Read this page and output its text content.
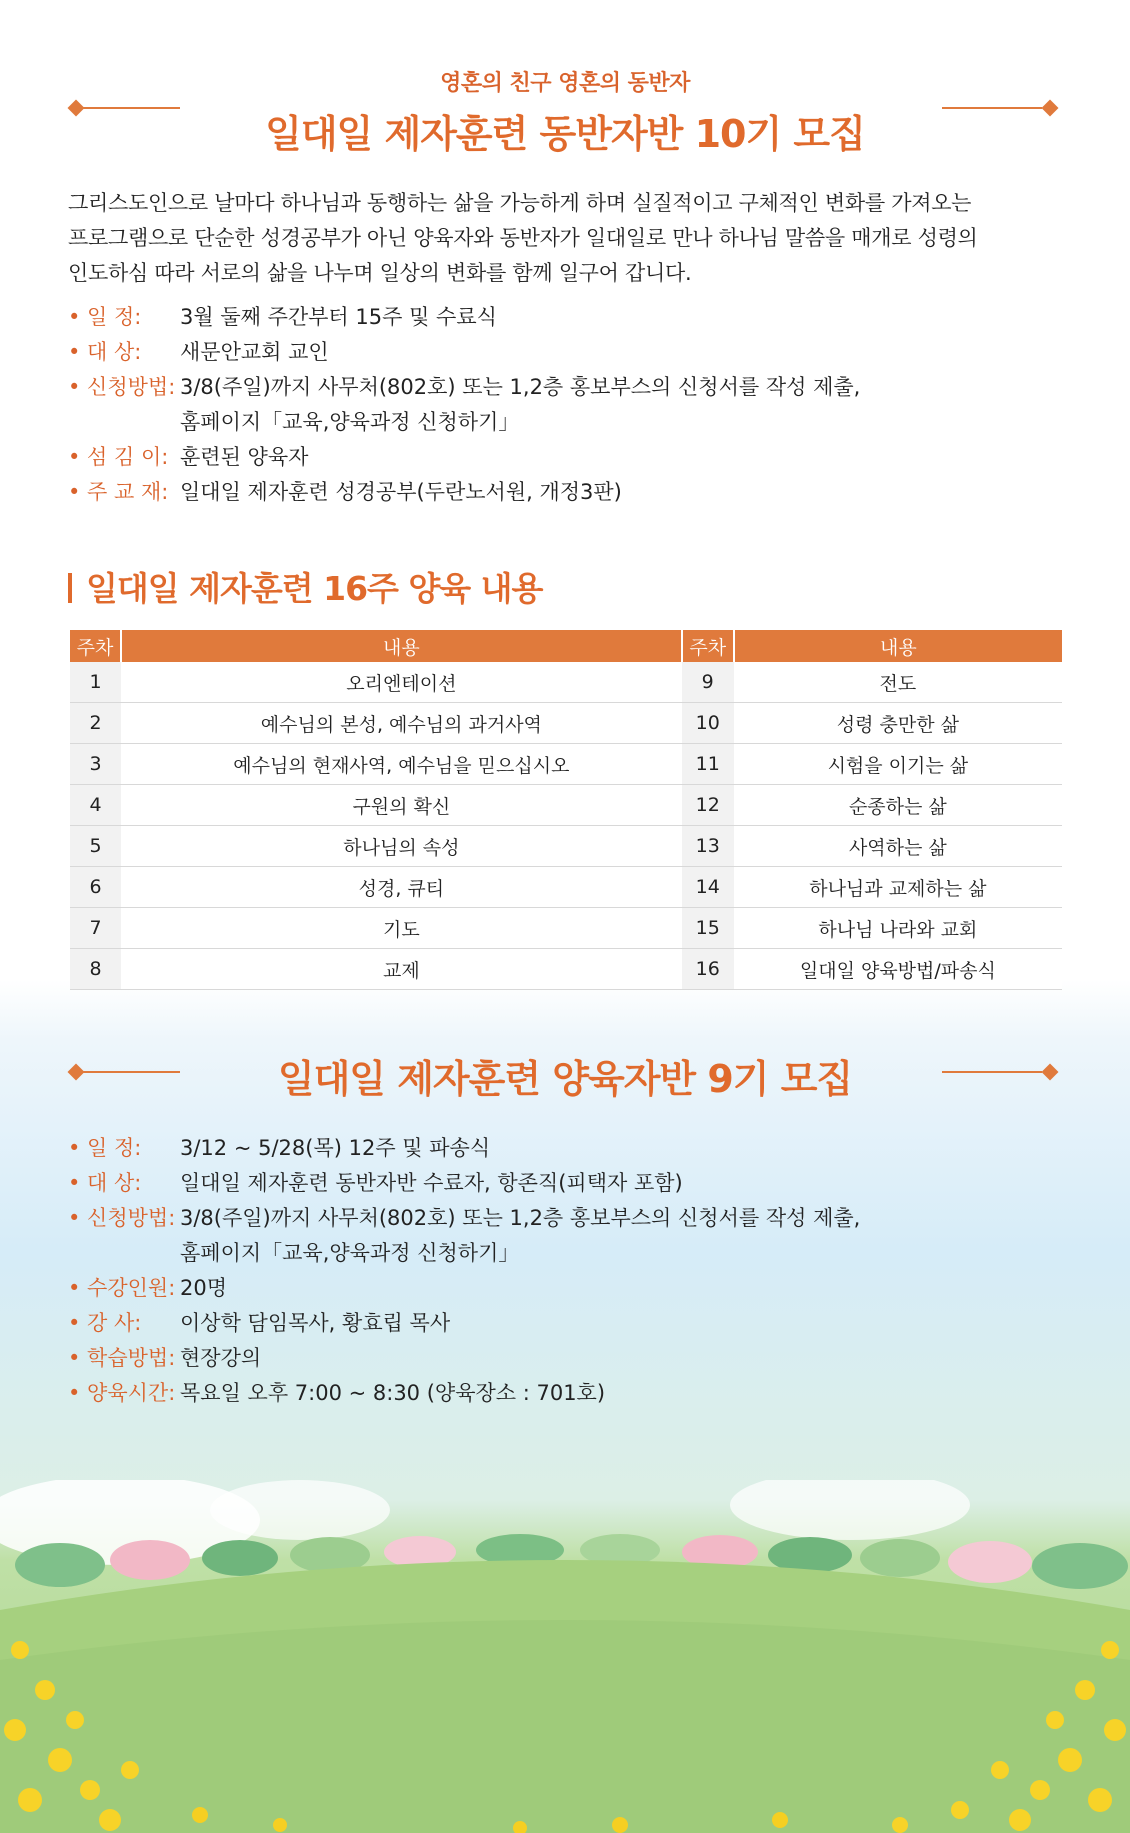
영혼의 친구 영혼의 동반자
일대일 제자훈련 동반자반 10기 모집
그리스도인으로 날마다 하나님과 동행하는 삶을 가능하게 하며 실질적이고 구체적인 변화를 가져오는 프로그램으로 단순한 성경공부가 아닌 양육자와 동반자가 일대일로 만나 하나님 말씀을 매개로 성령의 인도하심 따라 서로의 삶을 나누며 일상의 변화를 함께 일구어 갑니다.
• 일 정:	3월 둘째 주간부터 15주 및 수료식
• 대 상:	새문안교회 교인
• 신청방법: 3/8(주일)까지 사무처(802호) 또는 1,2층 홍보부스의 신청서를 작성 제출,
홈페이지「교육,양육과정 신청하기」
• 섬 김 이: 훈련된 양육자
• 주 교 재: 일대일 제자훈련 성경공부(두란노서원, 개정3판)
일대일 제자훈련 16주 양육 내용
주차	내용	주차	내용
1	오리엔테이션	9	전도
2	예수님의 본성, 예수님의 과거사역	10	성령 충만한 삶
3	예수님의 현재사역, 예수님을 믿으십시오	11	시험을 이기는 삶
4	구원의 확신	12	순종하는 삶
5	하나님의 속성	13	사역하는 삶
6	성경, 큐티	14	하나님과 교제하는 삶
7	기도	15	하나님 나라와 교회
8	교제	16	일대일 양육방법/파송식
일대일 제자훈련 양육자반 9기 모집
• 일 정:	3/12 ~ 5/28(목) 12주 및 파송식
• 대 상:	일대일 제자훈련 동반자반 수료자, 항존직(피택자 포함)
• 신청방법: 3/8(주일)까지 사무처(802호) 또는 1,2층 홍보부스의 신청서를 작성 제출,
홈페이지「교육,양육과정 신청하기」
• 수강인원: 20명
• 강 사:	이상학 담임목사, 황효립 목사
• 학습방법: 현장강의
• 양육시간: 목요일 오후 7:00 ~ 8:30 (양육장소 : 701호)
